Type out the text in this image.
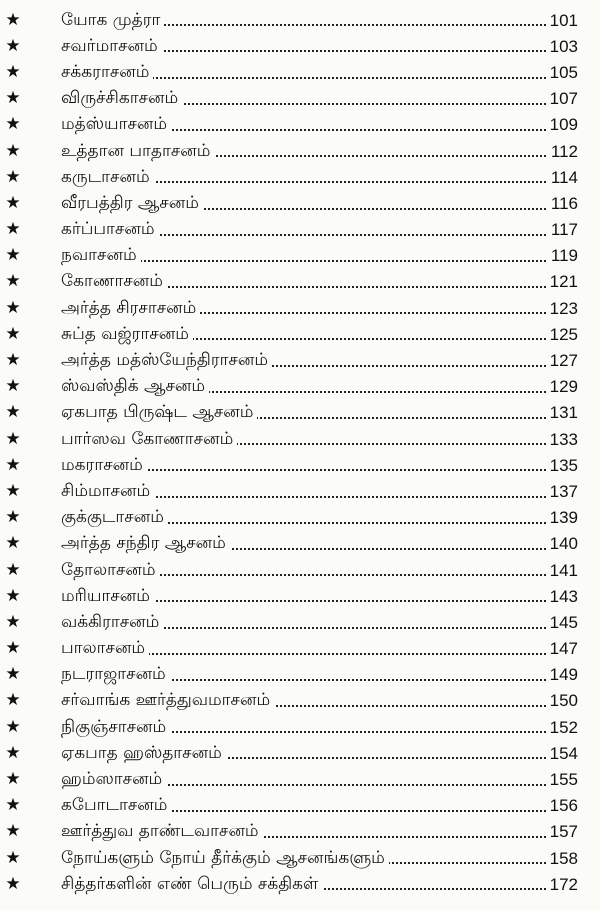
★ யோக முத்ரா	101
★ சவர்மாசனம்	103
★ சக்கராசனம்	105
★ விருச்சிகாசனம்	107
★ மத்ஸ்யாசனம்	109
★ உத்தான பாதாசனம்	112
★ கருடாசனம்	114
★ வீரபத்திர ஆசனம்	116
★ கர்ப்பாசனம்	117
★ நவாசனம்	119
★ கோணாசனம்	121
★ அர்த்த சிரசாசனம்	123
★ சுப்த வஜ்ராசனம்	125
★ அர்த்த மத்ஸ்யேந்திராசனம்	127
★ ஸ்வஸ்திக் ஆசனம்	129
★ ஏகபாத பிருஷ்ட ஆசனம்	131
★ பார்ஸவ கோணாசனம்	133
★ மகராசனம்	135
★ சிம்மாசனம்	137
★ குக்குடாசனம்	139
★ அர்த்த சந்திர ஆசனம்	140
★ தோலாசனம்	141
★ மரியாசனம்	143
★ வக்கிராசனம்	145
★ பாலாசனம்	147
★ நடராஜாசனம்	149
★ சர்வாங்க ஊர்த்துவமாசனம்	150
★ நிகுஞ்சாசனம்	152
★ ஏகபாத ஹஸ்தாசனம்	154
★ ஹம்ஸாசனம்	155
★ கபோடாசனம்	156
★ ஊர்த்துவ தாண்டவாசனம்	157
★ நோய்களும் நோய் தீர்க்கும் ஆசனங்களும்	158
★ சித்தர்களின் எண் பெரும் சக்திகள்	172
